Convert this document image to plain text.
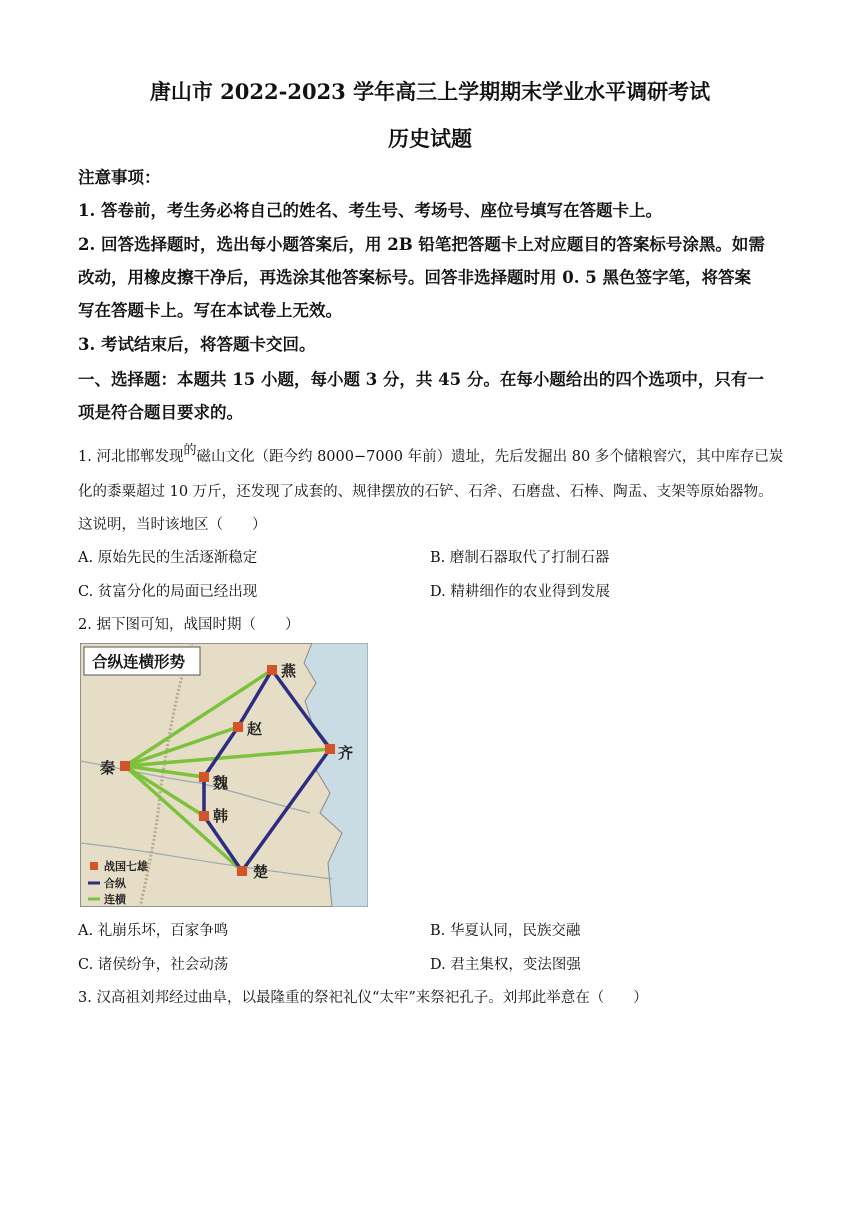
唐山市 2022-2023 学年高三上学期期末学业水平调研考试
历史试题
注意事项：
1. 答卷前，考生务必将自己的姓名、考生号、考场号、座位号填写在答题卡上。
2. 回答选择题时，选出每小题答案后，用 2B 铅笔把答题卡上对应题目的答案标号涂黑。如需
改动，用橡皮擦干净后，再选涂其他答案标号。回答非选择题时用 0. 5 黑色签字笔，将答案
写在答题卡上。写在本试卷上无效。
3. 考试结束后，将答题卡交回。
一、选择题：本题共 15 小题，每小题 3 分，共 45 分。在每小题给出的四个选项中，只有一
项是符合题目要求的。
1. 河北邯郸发现的磁山文化（距今约 8000−7000 年前）遗址，先后发掘出 80 多个储粮窖穴，其中库存已炭
化的黍粟超过 10 万斤，还发现了成套的、规律摆放的石铲、石斧、石磨盘、石棒、陶盂、支架等原始器物。
这说明，当时该地区（　　）
A. 原始先民的生活逐渐稳定	B. 磨制石器取代了打制石器
C. 贫富分化的局面已经出现	D. 精耕细作的农业得到发展
2. 据下图可知，战国时期（　　）
燕
赵
齐
秦
魏
韩
楚
合纵连横形势
战国七雄
合纵
连横
A. 礼崩乐坏，百家争鸣	B. 华夏认同，民族交融
C. 诸侯纷争，社会动荡	D. 君主集权，变法图强
3. 汉高祖刘邦经过曲阜，以最隆重的祭祀礼仪“太牢”来祭祀孔子。刘邦此举意在（　　）
